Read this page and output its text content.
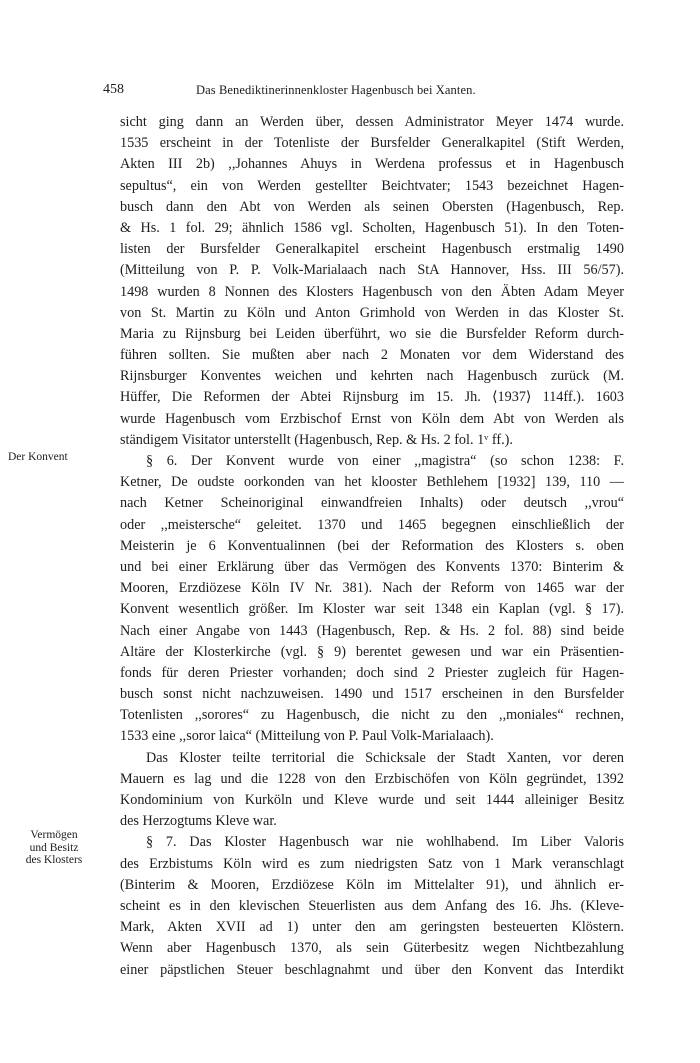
458	Das Benediktinerinnenkloster Hagenbusch bei Xanten.
Der Konvent
Vermögen
und Besitz
des Klosters
sicht ging dann an Werden über, dessen Administrator Meyer 1474 wurde.
1535 erscheint in der Totenliste der Bursfelder Generalkapitel (Stift Werden,
Akten III 2b) ,,Johannes Ahuys in Werdena professus et in Hagenbusch
sepultus“, ein von Werden gestellter Beichtvater; 1543 bezeichnet Hagen-
busch dann den Abt von Werden als seinen Obersten (Hagenbusch, Rep.
& Hs. 1 fol. 29; ähnlich 1586 vgl. Scholten, Hagenbusch 51). In den Toten-
listen der Bursfelder Generalkapitel erscheint Hagenbusch erstmalig 1490
(Mitteilung von P. P. Volk-Marialaach nach StA Hannover, Hss. III 56/57).
1498 wurden 8 Nonnen des Klosters Hagenbusch von den Äbten Adam Meyer
von St. Martin zu Köln und Anton Grimhold von Werden in das Kloster St.
Maria zu Rijnsburg bei Leiden überführt, wo sie die Bursfelder Reform durch-
führen sollten. Sie mußten aber nach 2 Monaten vor dem Widerstand des
Rijnsburger Konventes weichen und kehrten nach Hagenbusch zurück (M.
Hüffer, Die Reformen der Abtei Rijnsburg im 15. Jh. ⟨1937⟩ 114ff.). 1603
wurde Hagenbusch vom Erzbischof Ernst von Köln dem Abt von Werden als
ständigem Visitator unterstellt (Hagenbusch, Rep. & Hs. 2 fol. 1ᵛ ff.).
§ 6. Der Konvent wurde von einer ,,magistra“ (so schon 1238: F.
Ketner, De oudste oorkonden van het klooster Bethlehem [1932] 139, 110 —
nach Ketner Scheinoriginal einwandfreien Inhalts) oder deutsch ,,vrou“
oder ,,meistersche“ geleitet. 1370 und 1465 begegnen einschließlich der
Meisterin je 6 Konventualinnen (bei der Reformation des Klosters s. oben
und bei einer Erklärung über das Vermögen des Konvents 1370: Binterim &
Mooren, Erzdiözese Köln IV Nr. 381). Nach der Reform von 1465 war der
Konvent wesentlich größer. Im Kloster war seit 1348 ein Kaplan (vgl. § 17).
Nach einer Angabe von 1443 (Hagenbusch, Rep. & Hs. 2 fol. 88) sind beide
Altäre der Klosterkirche (vgl. § 9) berentet gewesen und war ein Präsentien-
fonds für deren Priester vorhanden; doch sind 2 Priester zugleich für Hagen-
busch sonst nicht nachzuweisen. 1490 und 1517 erscheinen in den Bursfelder
Totenlisten ,,sorores“ zu Hagenbusch, die nicht zu den ,,moniales“ rechnen,
1533 eine ,,soror laica“ (Mitteilung von P. Paul Volk-Marialaach).
Das Kloster teilte territorial die Schicksale der Stadt Xanten, vor deren
Mauern es lag und die 1228 von den Erzbischöfen von Köln gegründet, 1392
Kondominium von Kurköln und Kleve wurde und seit 1444 alleiniger Besitz
des Herzogtums Kleve war.
§ 7. Das Kloster Hagenbusch war nie wohlhabend. Im Liber Valoris
des Erzbistums Köln wird es zum niedrigsten Satz von 1 Mark veranschlagt
(Binterim & Mooren, Erzdiözese Köln im Mittelalter 91), und ähnlich er-
scheint es in den klevischen Steuerlisten aus dem Anfang des 16. Jhs. (Kleve-
Mark, Akten XVII ad 1) unter den am geringsten besteuerten Klöstern.
Wenn aber Hagenbusch 1370, als sein Güterbesitz wegen Nichtbezahlung
einer päpstlichen Steuer beschlagnahmt und über den Konvent das Interdikt
